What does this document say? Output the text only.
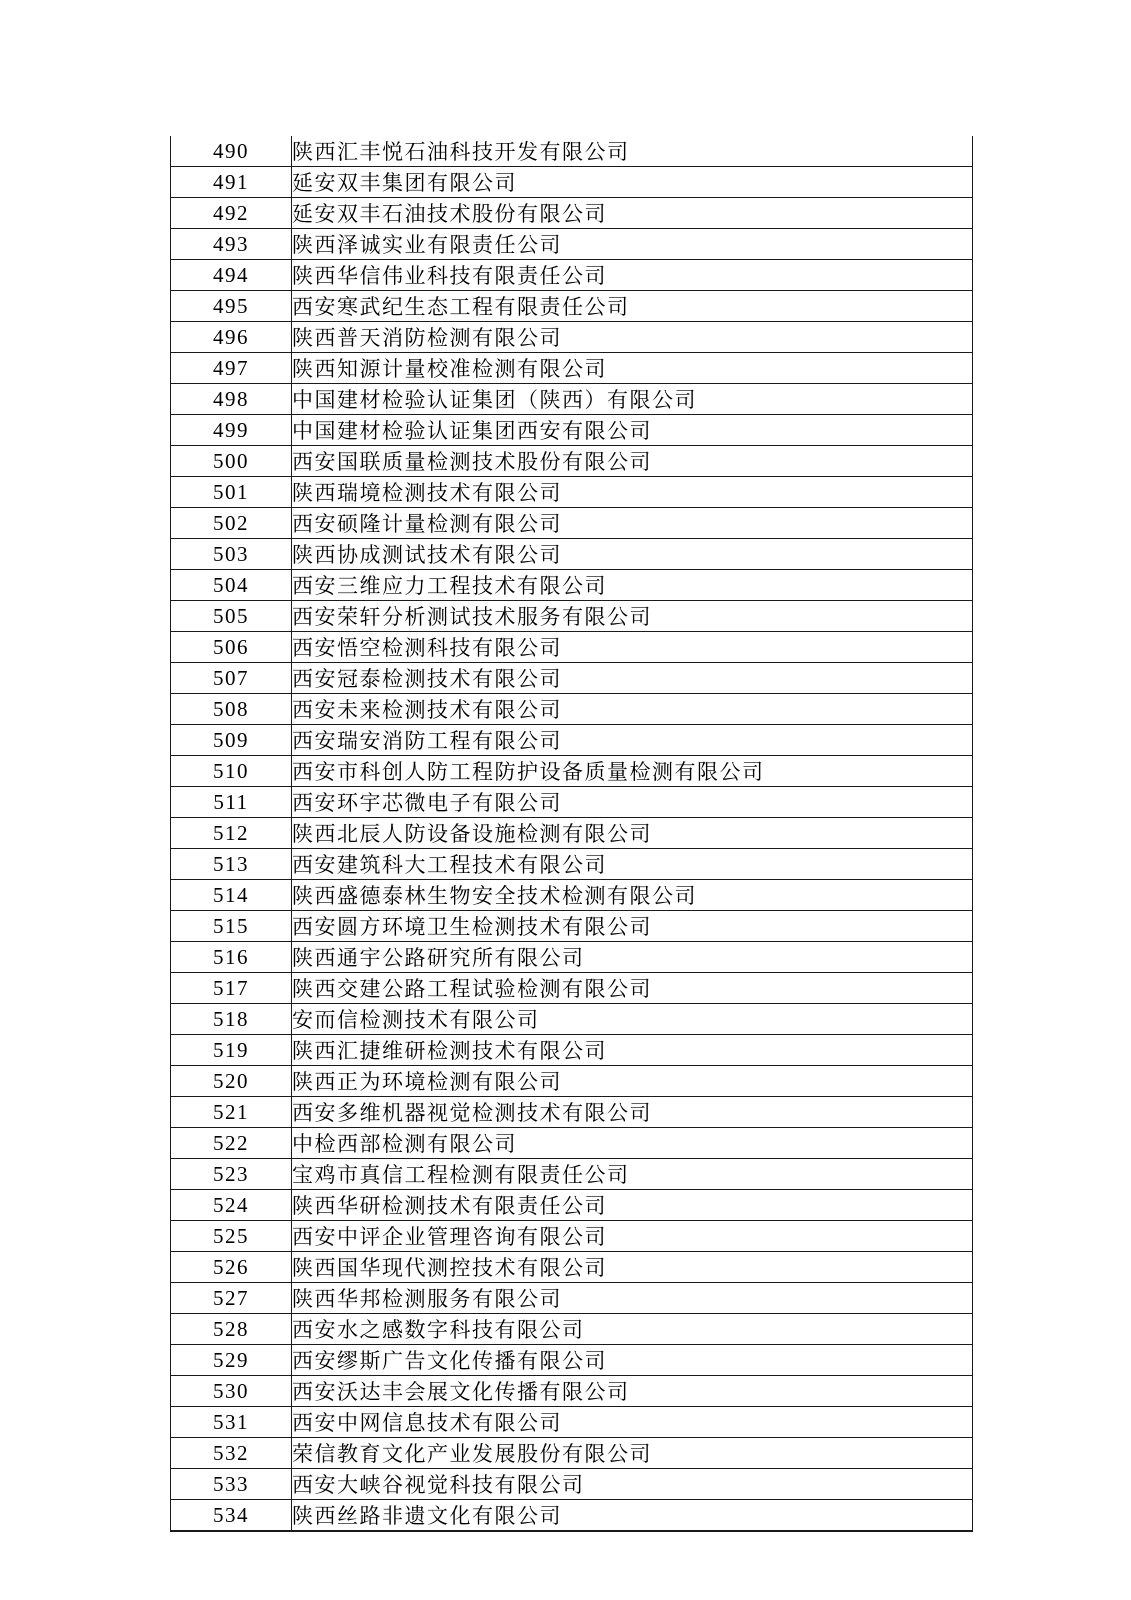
490	陕西汇丰悦石油科技开发有限公司
491	延安双丰集团有限公司
492	延安双丰石油技术股份有限公司
493	陕西泽诚实业有限责任公司
494	陕西华信伟业科技有限责任公司
495	西安寒武纪生态工程有限责任公司
496	陕西普天消防检测有限公司
497	陕西知源计量校准检测有限公司
498	中国建材检验认证集团（陕西）有限公司
499	中国建材检验认证集团西安有限公司
500	西安国联质量检测技术股份有限公司
501	陕西瑞境检测技术有限公司
502	西安硕隆计量检测有限公司
503	陕西协成测试技术有限公司
504	西安三维应力工程技术有限公司
505	西安荣轩分析测试技术服务有限公司
506	西安悟空检测科技有限公司
507	西安冠泰检测技术有限公司
508	西安未来检测技术有限公司
509	西安瑞安消防工程有限公司
510	西安市科创人防工程防护设备质量检测有限公司
511	西安环宇芯微电子有限公司
512	陕西北辰人防设备设施检测有限公司
513	西安建筑科大工程技术有限公司
514	陕西盛德泰林生物安全技术检测有限公司
515	西安圆方环境卫生检测技术有限公司
516	陕西通宇公路研究所有限公司
517	陕西交建公路工程试验检测有限公司
518	安而信检测技术有限公司
519	陕西汇捷维研检测技术有限公司
520	陕西正为环境检测有限公司
521	西安多维机器视觉检测技术有限公司
522	中检西部检测有限公司
523	宝鸡市真信工程检测有限责任公司
524	陕西华研检测技术有限责任公司
525	西安中评企业管理咨询有限公司
526	陕西国华现代测控技术有限公司
527	陕西华邦检测服务有限公司
528	西安水之感数字科技有限公司
529	西安缪斯广告文化传播有限公司
530	西安沃达丰会展文化传播有限公司
531	西安中网信息技术有限公司
532	荣信教育文化产业发展股份有限公司
533	西安大峡谷视觉科技有限公司
534	陕西丝路非遗文化有限公司
